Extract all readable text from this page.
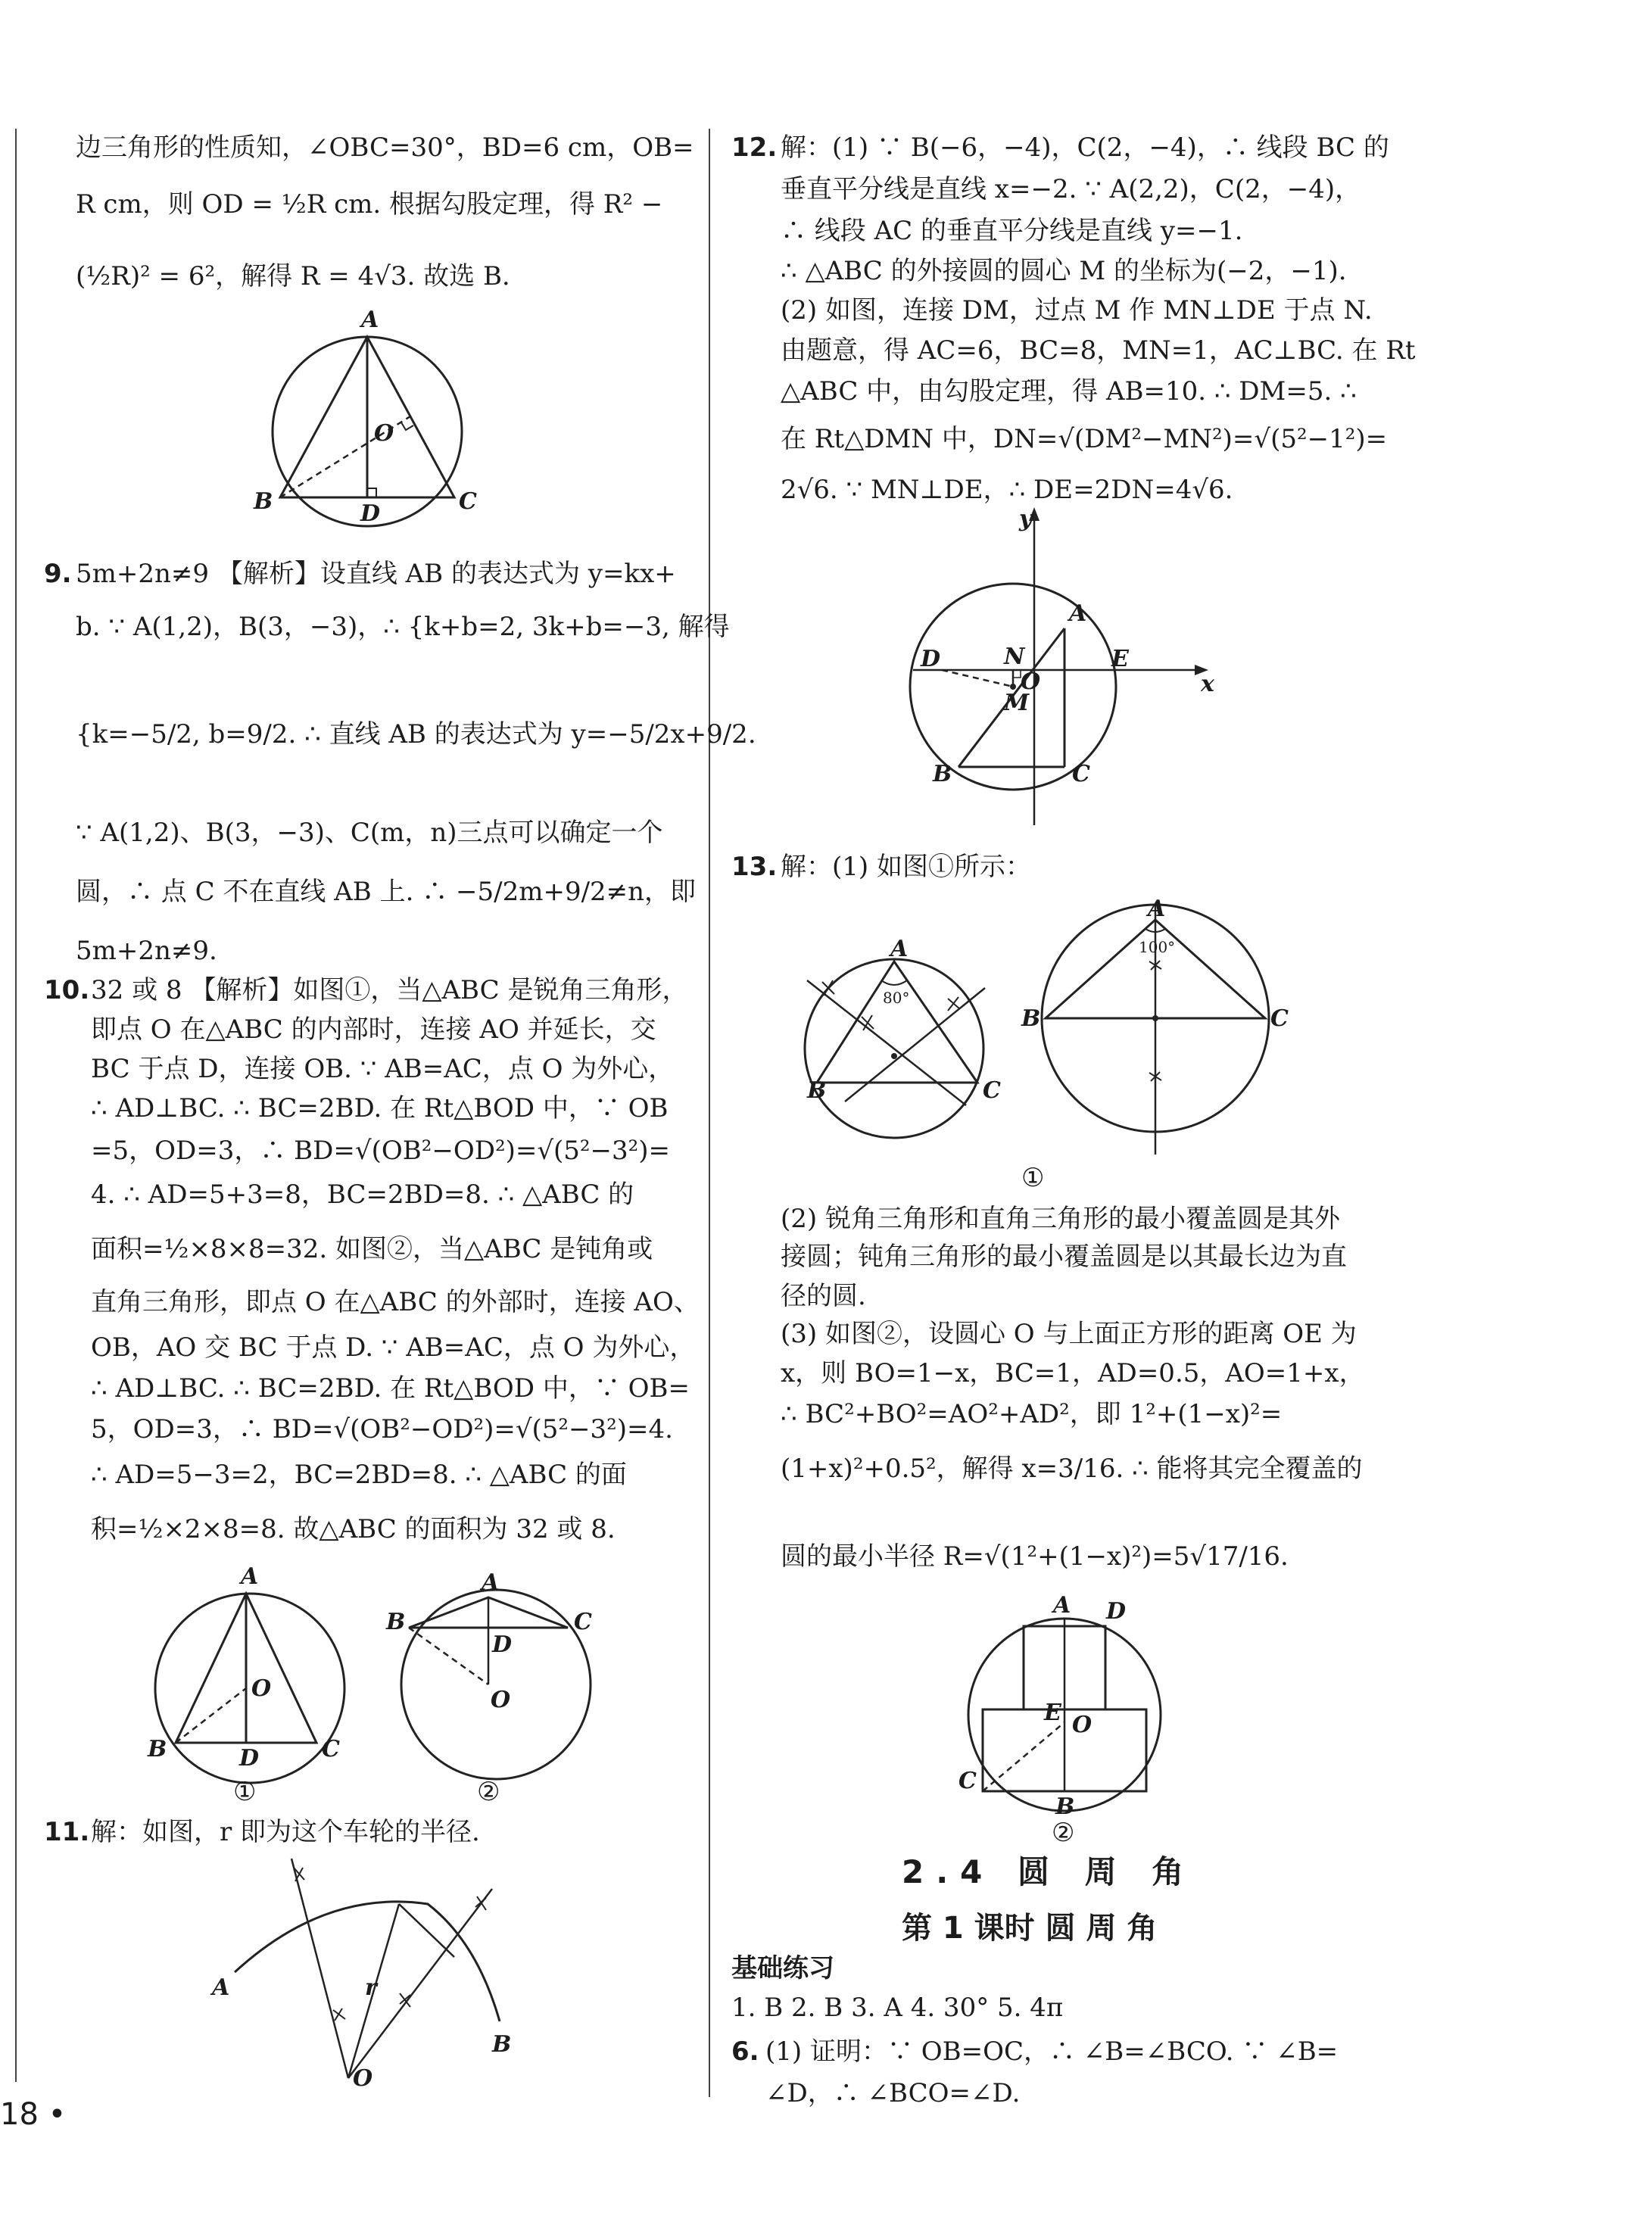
边三角形的性质知，∠OBC=30°，BD=6 cm，OB=
R cm，则 OD = ½R cm. 根据勾股定理，得 R² −
(½R)² = 6²，解得 R = 4√3. 故选 B.
A
B	C
D
O
9. 5m+2n≠9 【解析】设直线 AB 的表达式为 y=kx+
b. ∵ A(1,2)，B(3，−3)，∴ {k+b=2, 3k+b=−3, 解得
{k=−5/2, b=9/2. ∴ 直线 AB 的表达式为 y=−5/2x+9/2.
∵ A(1,2)、B(3，−3)、C(m，n)三点可以确定一个
圆，∴ 点 C 不在直线 AB 上. ∴ −5/2m+9/2≠n，即
5m+2n≠9.
10. 32 或 8 【解析】如图①，当△ABC 是锐角三角形，
即点 O 在△ABC 的内部时，连接 AO 并延长，交
BC 于点 D，连接 OB. ∵ AB=AC，点 O 为外心，
∴ AD⊥BC. ∴ BC=2BD. 在 Rt△BOD 中，∵ OB
=5，OD=3，∴ BD=√(OB²−OD²)=√(5²−3²)=
4. ∴ AD=5+3=8，BC=2BD=8. ∴ △ABC 的
面积=½×8×8=32. 如图②，当△ABC 是钝角或
直角三角形，即点 O 在△ABC 的外部时，连接 AO、
OB，AO 交 BC 于点 D. ∵ AB=AC，点 O 为外心，
∴ AD⊥BC. ∴ BC=2BD. 在 Rt△BOD 中，∵ OB=
5，OD=3，∴ BD=√(OB²−OD²)=√(5²−3²)=4.
∴ AD=5−3=2，BC=2BD=8. ∴ △ABC 的面
积=½×2×8=8. 故△ABC 的面积为 32 或 8.
A
B	C
D
O
①
A
B	C
D
O
②
11. 解：如图，r 即为这个车轮的半径.
A
B
O
r
18 •
12. 解：(1) ∵ B(−6，−4)，C(2，−4)，∴ 线段 BC 的
垂直平分线是直线 x=−2. ∵ A(2,2)，C(2，−4)，
∴ 线段 AC 的垂直平分线是直线 y=−1.
∴ △ABC 的外接圆的圆心 M 的坐标为(−2，−1).
(2) 如图，连接 DM，过点 M 作 MN⊥DE 于点 N.
由题意，得 AC=6，BC=8，MN=1，AC⊥BC. 在 Rt
△ABC 中，由勾股定理，得 AB=10. ∴ DM=5. ∴
在 Rt△DMN 中，DN=√(DM²−MN²)=√(5²−1²)=
2√6. ∵ MN⊥DE，∴ DE=2DN=4√6.
y
x
A
B	C
D	E
N
M
O
13. 解：(1) 如图①所示：
A
B	C
80°
A
B	C
100°
①
(2) 锐角三角形和直角三角形的最小覆盖圆是其外
接圆；钝角三角形的最小覆盖圆是以其最长边为直
径的圆.
(3) 如图②，设圆心 O 与上面正方形的距离 OE 为
x，则 BO=1−x，BC=1，AD=0.5，AO=1+x，
∴ BC²+BO²=AO²+AD²，即 1²+(1−x)²=
(1+x)²+0.5²，解得 x=3/16. ∴ 能将其完全覆盖的
圆的最小半径 R=√(1²+(1−x)²)=5√17/16.
A D
E O
C
B
②
2.4 圆 周 角
第 1 课时 圆 周 角
基础练习
1. B 2. B 3. A 4. 30° 5. 4π
6. (1) 证明：∵ OB=OC，∴ ∠B=∠BCO. ∵ ∠B=
∠D，∴ ∠BCO=∠D.
